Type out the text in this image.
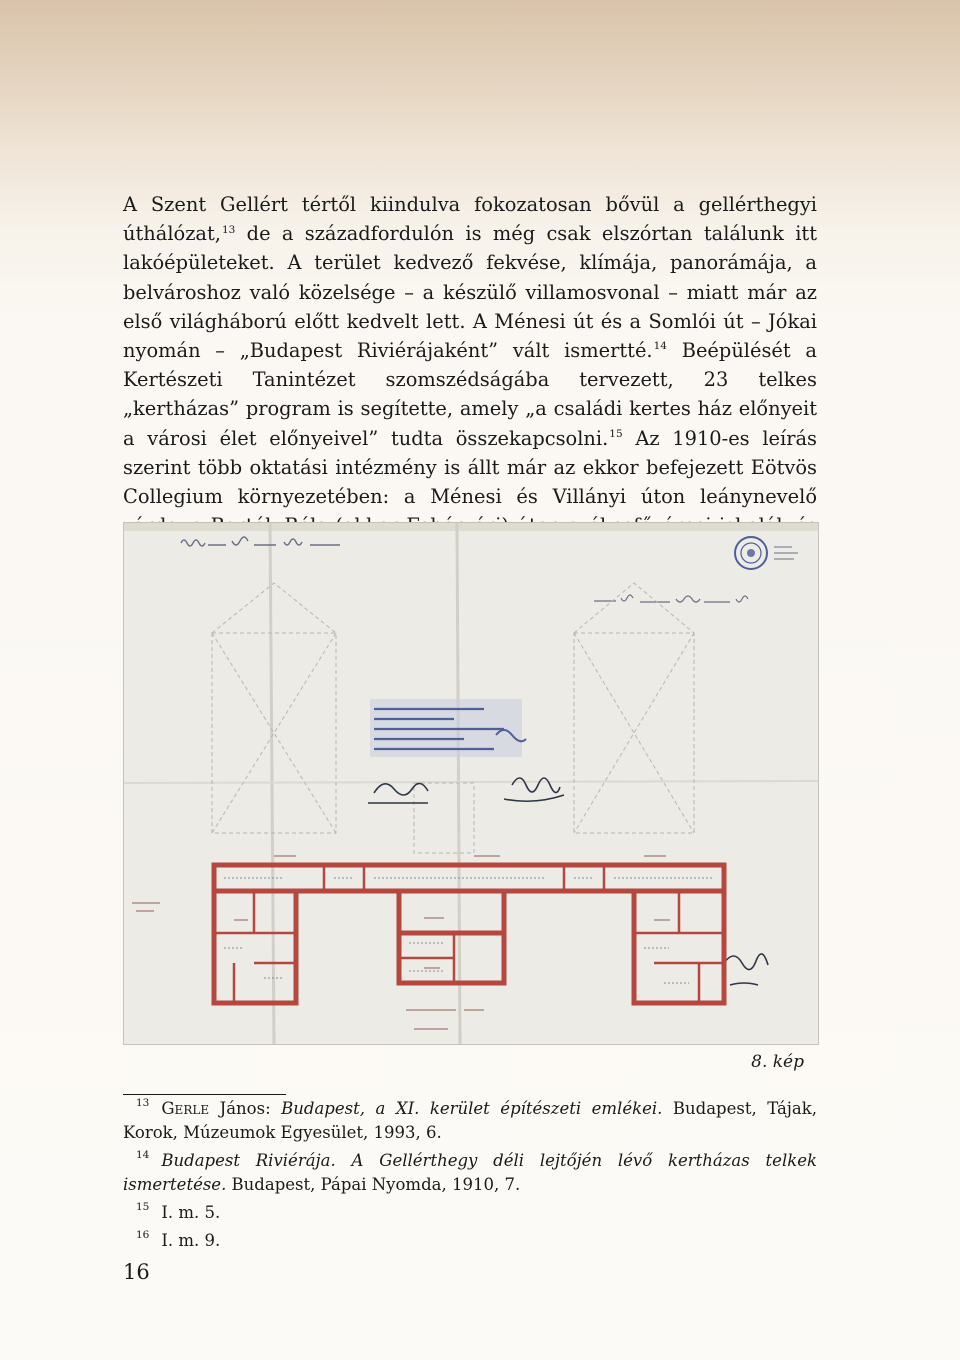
A Szent Gellért tértől kiindulva fokozatosan bővül a gellérthegyi úthálózat,$^{13}$ de a századfordulón is még csak elszórtan találunk itt lakóépületeket. A terület kedvező fekvése, klímája, panorámája, a belvároshoz való közelsége – a készülő villamosvonal – miatt már az első világháború előtt kedvelt lett. A Ménesi út és a Somlói út – Jókai nyomán – „Budapest Riviérájaként” vált ismertté.$^{14}$ Beépülését a Kertészeti Tanintézet szomszédságába tervezett, 23 telkes „kertházas” program is segítette, amely „a családi kertes ház előnyeit a városi élet előnyeivel” tudta összekapcsolni.$^{15}$ Az 1910-es leírás szerint több oktatási intézmény is állt már az ekkor befejezett Eötvös Collegium környezetében: a Ménesi és Villányi úton leánynevelő

8. kép

$^{13}$ Gerle János: Budapest, a XI. kerület építészeti emlékei. Budapest, Tájak, Korok, Múzeumok Egyesület, 1993, 6.

$^{14}$ Budapest Riviérája. A Gellérthegy déli lejtőjén lévő kertházas telkek ismertetése. Budapest, Pápai Nyomda, 1910, 7.

$^{15}$ I. m. 5.

$^{16}$ I. m. 9.

16
